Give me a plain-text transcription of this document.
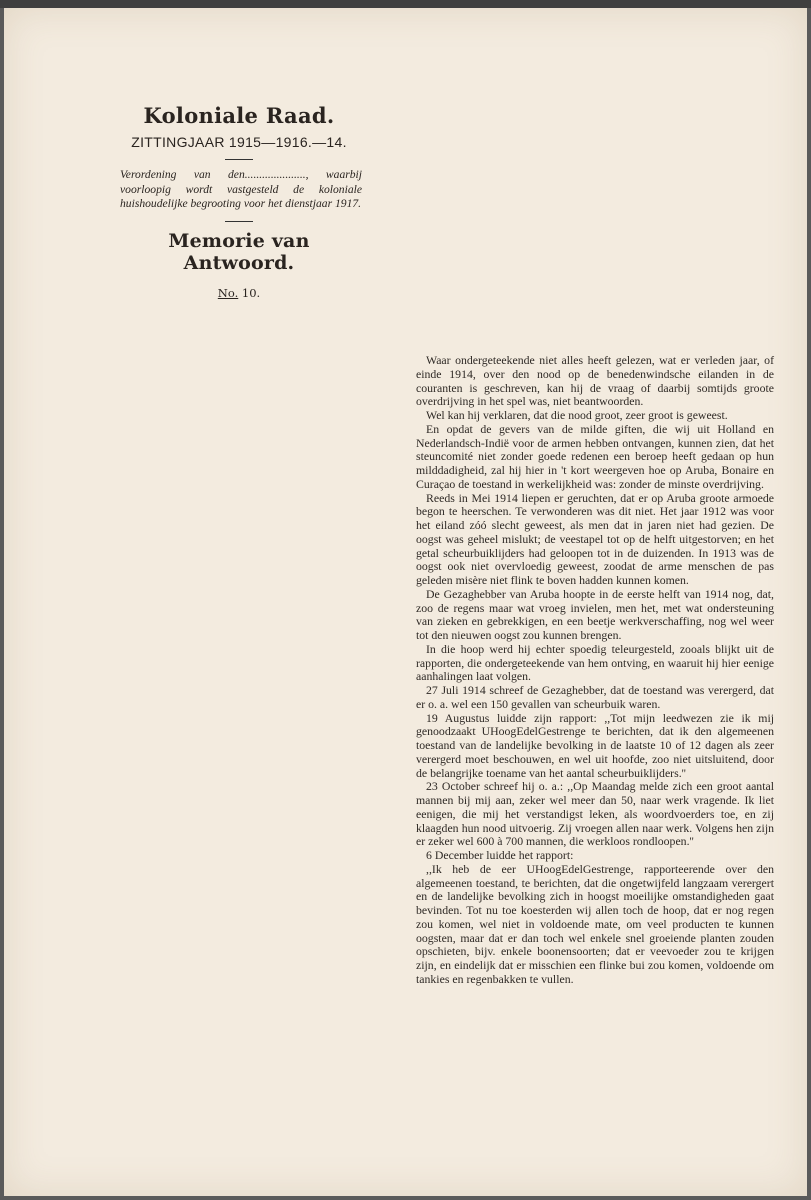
Koloniale Raad.
ZITTINGJAAR 1915—1916.—14.
Verordening van den....................., waarbij voorloopig wordt vastgesteld de koloniale huishoudelijke begrooting voor het dienstjaar 1917.
Memorie van Antwoord.
No. 10.

Waar ondergeteekende niet alles heeft gelezen, wat er verleden jaar, of einde 1914, over den nood op de benedenwindsche eilanden in de couranten is geschreven, kan hij de vraag of daarbij somtijds groote overdrijving in het spel was, niet beantwoorden.

Wel kan hij verklaren, dat die nood groot, zeer groot is geweest.

En opdat de gevers van de milde giften, die wij uit Holland en Nederlandsch-Indië voor de armen hebben ontvangen, kunnen zien, dat het steuncomité niet zonder goede redenen een beroep heeft gedaan op hun milddadigheid, zal hij hier in 't kort weergeven hoe op Aruba, Bonaire en Curaçao de toestand in werkelijkheid was: zonder de minste overdrijving.

Reeds in Mei 1914 liepen er geruchten, dat er op Aruba groote armoede begon te heerschen. Te verwonderen was dit niet. Het jaar 1912 was voor het eiland zóó slecht geweest, als men dat in jaren niet had gezien. De oogst was geheel mislukt; de veestapel tot op de helft uitgestorven; en het getal scheurbuiklijders had geloopen tot in de duizenden. In 1913 was de oogst ook niet overvloedig geweest, zoodat de arme menschen de pas geleden misère niet flink te boven hadden kunnen komen.

De Gezaghebber van Aruba hoopte in de eerste helft van 1914 nog, dat, zoo de regens maar wat vroeg invielen, men het, met wat ondersteuning van zieken en gebrekkigen, en een beetje werkverschaffing, nog wel weer tot den nieuwen oogst zou kunnen brengen.

In die hoop werd hij echter spoedig teleurgesteld, zooals blijkt uit de rapporten, die ondergeteekende van hem ontving, en waaruit hij hier eenige aanhalingen laat volgen.

27 Juli 1914 schreef de Gezaghebber, dat de toestand was verergerd, dat er o. a. wel een 150 gevallen van scheurbuik waren.

19 Augustus luidde zijn rapport: ,,Tot mijn leedwezen zie ik mij genoodzaakt UHoogEdelGestrenge te berichten, dat ik den algemeenen toestand van de landelijke bevolking in de laatste 10 of 12 dagen als zeer verergerd moet beschouwen, en wel uit hoofde, zoo niet uitsluitend, door de belangrijke toename van het aantal scheurbuiklijders.''

23 October schreef hij o. a.: ,,Op Maandag melde zich een groot aantal mannen bij mij aan, zeker wel meer dan 50, naar werk vragende. Ik liet eenigen, die mij het verstandigst leken, als woordvoerders toe, en zij klaagden hun nood uitvoerig. Zij vroegen allen naar werk. Volgens hen zijn er zeker wel 600 à 700 mannen, die werkloos rondloopen.''

6 December luidde het rapport:

,,Ik heb de eer UHoogEdelGestrenge, rapporteerende over den algemeenen toestand, te berichten, dat die ongetwijfeld langzaam verergert en de landelijke bevolking zich in hoogst moeilijke omstandigheden gaat bevinden. Tot nu toe koesterden wij allen toch de hoop, dat er nog regen zou komen, wel niet in voldoende mate, om veel producten te kunnen oogsten, maar dat er dan toch wel enkele snel groeiende planten zouden opschieten, bijv. enkele boonensoorten; dat er veevoeder zou te krijgen zijn, en eindelijk dat er misschien een flinke bui zou komen, voldoende om tankies en regenbakken te vullen.
